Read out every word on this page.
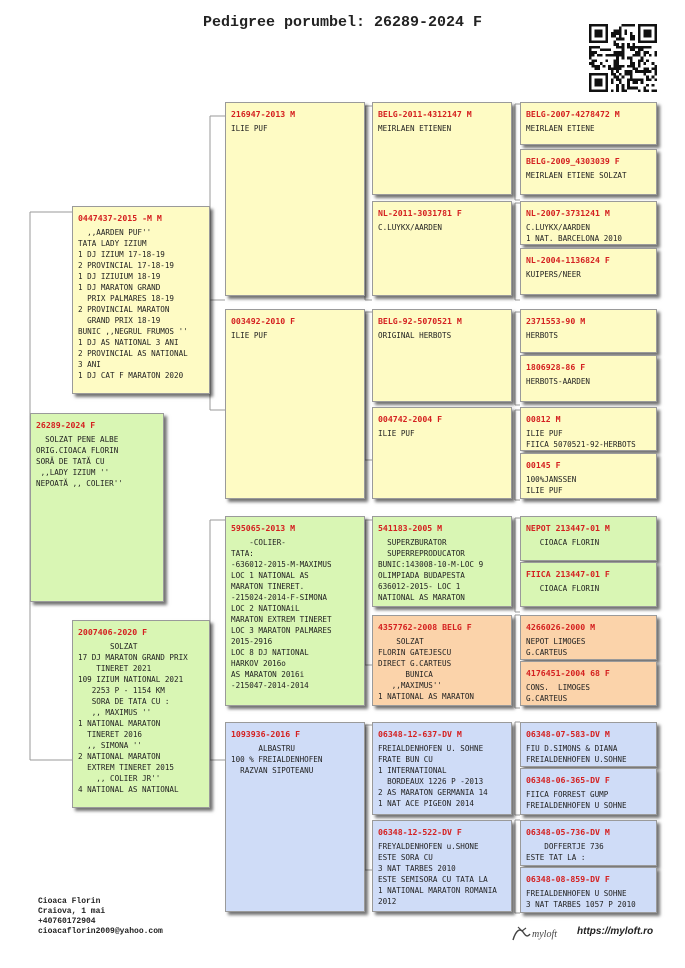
Pedigree porumbel: 26289-2024 F
26289-2024 F
SOLZAT PENE ALBE
ORIG.CIOACA FLORIN
SORĂ DE TATĂ CU
,,LADY IZIUM ''
NEPOATĂ ,, COLIER''
0447437-2015 -M M
,,AARDEN PUF''
TATA LADY IZIUM
1 DJ IZIUM 17-18-19
2 PROVINCIAL 17-18-19
1 DJ IZIUIUM 18-19
1 DJ MARATON GRAND
PRIX PALMARES 18-19
2 PROVINCIAL MARATON
GRAND PRIX 18-19
BUNIC ,,NEGRUL FRUMOS ''
1 DJ AS NATIONAL 3 ANI
2 PROVINCIAL AS NATIONAL
3 ANI
1 DJ CAT F MARATON 2020
2007406-2020 F
SOLZAT
17 DJ MARATON GRAND PRIX
TINERET 2021
109 IZIUM NATIONAL 2021
2253 P - 1154 KM
SORA DE TATA CU :
,, MAXIMUS ''
1 NATIONAL MARATON
TINERET 2016
,, SIMONA ''
2 NATIONAL MARATON
EXTREM TINERET 2015
,, COLIER JR''
4 NATIONAL AS NATIONAL
216947-2013 M
ILIE PUF
003492-2010 F
ILIE PUF
595065-2013 M
-COLIER-
TATA:
-636012-2015-M-MAXIMUS
LOC 1 NATIONAL AS
MARATON TINERET.
-215024-2014-F-SIMONA
LOC 2 NATIONAiL
MARATON EXTREM TINERET
LOC 3 MARATON PALMARES
2015-2916
LOC 8 DJ NATIONAL
HARKOV 2016o
AS MARATON 2016i
-215047-2014-2014
1093936-2016 F
ALBASTRU
100 % FREIALDENHOFEN
RAZVAN SIPOTEANU
BELG-2011-4312147 M
MEIRLAEN ETIENEN
NL-2011-3031781 F
C.LUYKX/AARDEN
BELG-92-5070521 M
ORIGINAL HERBOTS
004742-2004 F
ILIE PUF
541183-2005 M
SUPERZBURATOR
SUPERREPRODUCATOR
BUNIC:143008-10-M-LOC 9
OLIMPIADA BUDAPESTA
636012-2015- LOC 1
NATIONAL AS MARATON
4357762-2008 BELG F
SOLZAT
FLORIN GATEJESCU
DIRECT G.CARTEUS
BUNICA
,,MAXIMUS''
1 NATIONAL AS MARATON
06348-12-637-DV M
FREIALDENHOFEN U. SOHNE
FRATE BUN CU
1 INTERNATIONAL
BORDEAUX 1226 P -2013
2 AS MARATON GERMANIA 14
1 NAT ACE PIGEON 2014
06348-12-522-DV F
FREYALDENHOFEN u.SHONE
ESTE SORA CU
3 NAT TARBES 2010
ESTE SEMISORA CU TATA LA
1 NATIONAL MARATON ROMANIA
2012
BELG-2007-4278472 M
MEIRLAEN ETIENE
BELG-2009_4303039 F
MEIRLAEN ETIENE SOLZAT
NL-2007-3731241 M
C.LUYKX/AARDEN
1 NAT. BARCELONA 2010
NL-2004-1136824 F
KUIPERS/NEER
2371553-90 M
HERBOTS
1806928-86 F
HERBOTS-AARDEN
00812 M
ILIE PUF
FIICA 5070521-92-HERBOTS
00145 F
100%JANSSEN
ILIE PUF
NEPOT 213447-01 M
CIOACA FLORIN
FIICA 213447-01 F
CIOACA FLORIN
4266026-2000 M
NEPOT LIMOGES
G.CARTEUS
4176451-2004 68 F
CONS.  LIMOGES
G.CARTEUS
06348-07-583-DV M
FIU D.SIMONS & DIANA
FREIALDENHOFEN U.SOHNE
06348-06-365-DV F
FIICA FORREST GUMP
FREIALDENHOFEN U SOHNE
06348-05-736-DV M
DOFFERTJE 736
ESTE TAT LA :
06348-08-859-DV F
FREIALDENHOFEN U SOHNE
3 NAT TARBES 1057 P 2010
Cioaca Florin
Craiova, 1 mai
+40760172904
cioacaflorin2009@yahoo.com	myloft https://myloft.ro
